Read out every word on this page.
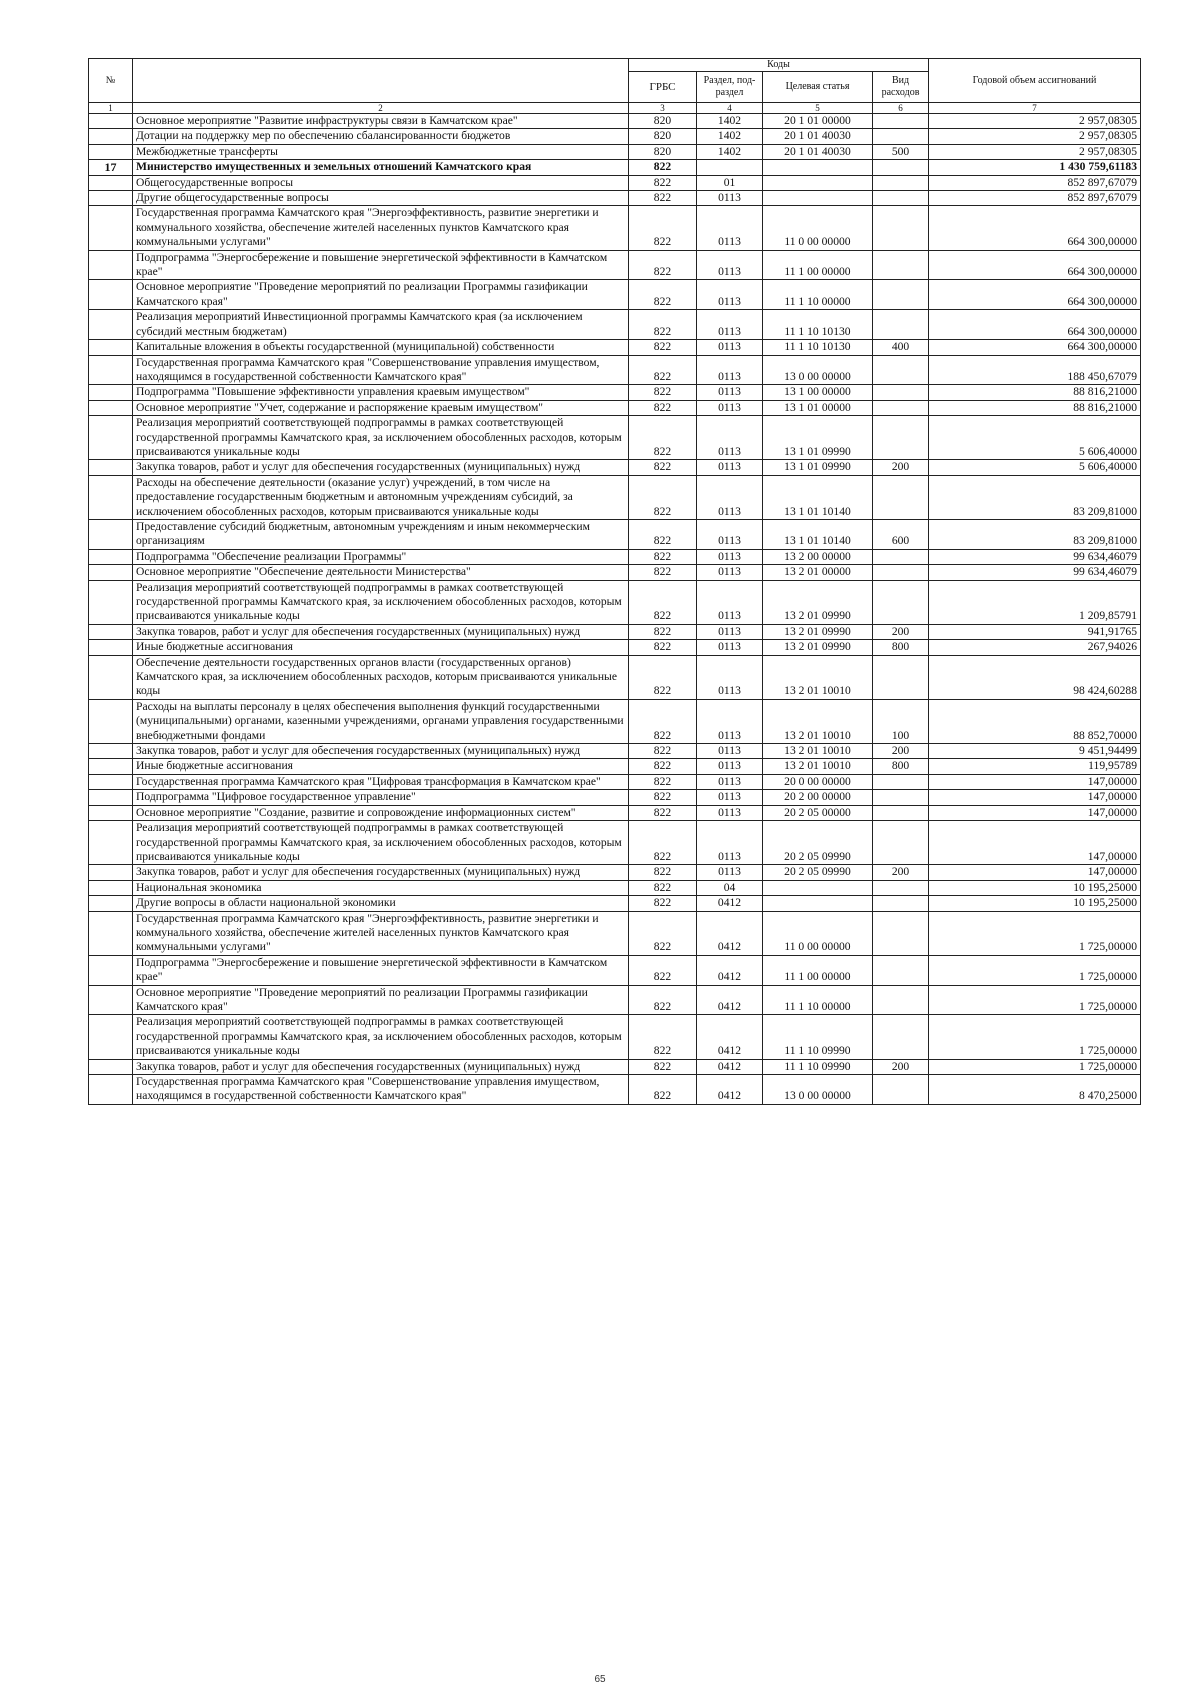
№		Коды				Годовой объем ассигнований
		ГРБС	Раздел, под- раздел	Целевая статья	Вид расходов	
1	2	3	4	5	6	7
	Основное мероприятие "Развитие инфраструктуры связи в Камчатском крае"	820	1402	20 1 01 00000		2 957,08305
	Дотации на поддержку мер по обеспечению сбалансированности бюджетов	820	1402	20 1 01 40030		2 957,08305
	Межбюджетные трансферты	820	1402	20 1 01 40030	500	2 957,08305
17	Министерство имущественных и земельных отношений Камчатского края	822				1 430 759,61183
	Общегосударственные вопросы	822	01			852 897,67079
	Другие общегосударственные вопросы	822	0113			852 897,67079
	Государственная программа Камчатского края "Энергоэффективность, развитие энергетики и коммунального хозяйства, обеспечение жителей населенных пунктов Камчатского края коммунальными услугами"	822	0113	11 0 00 00000		664 300,00000
	Подпрограмма "Энергосбережение и повышение энергетической эффективности в Камчатском крае"	822	0113	11 1 00 00000		664 300,00000
	Основное мероприятие "Проведение мероприятий по реализации Программы газификации Камчатского края"	822	0113	11 1 10 00000		664 300,00000
	Реализация мероприятий Инвестиционной программы Камчатского края (за исключением субсидий местным бюджетам)	822	0113	11 1 10 10130		664 300,00000
	Капитальные вложения в объекты государственной (муниципальной) собственности	822	0113	11 1 10 10130	400	664 300,00000
	Государственная программа Камчатского края "Совершенствование управления имуществом, находящимся в государственной собственности Камчатского края"	822	0113	13 0 00 00000		188 450,67079
	Подпрограмма "Повышение эффективности управления краевым имуществом"	822	0113	13 1 00 00000		88 816,21000
	Основное мероприятие "Учет, содержание и распоряжение краевым имуществом"	822	0113	13 1 01 00000		88 816,21000
	Реализация мероприятий соответствующей подпрограммы в рамках соответствующей государственной программы Камчатского края, за исключением обособленных расходов, которым присваиваются уникальные коды	822	0113	13 1 01 09990		5 606,40000
	Закупка товаров, работ и услуг для обеспечения государственных (муниципальных) нужд	822	0113	13 1 01 09990	200	5 606,40000
	Расходы на обеспечение деятельности (оказание услуг) учреждений, в том числе на предоставление государственным бюджетным и автономным учреждениям субсидий, за исключением обособленных расходов, которым присваиваются уникальные коды	822	0113	13 1 01 10140		83 209,81000
	Предоставление субсидий бюджетным, автономным учреждениям и иным некоммерческим организациям	822	0113	13 1 01 10140	600	83 209,81000
	Подпрограмма "Обеспечение реализации Программы"	822	0113	13 2 00 00000		99 634,46079
	Основное мероприятие "Обеспечение деятельности Министерства"	822	0113	13 2 01 00000		99 634,46079
	Реализация мероприятий соответствующей подпрограммы в рамках соответствующей государственной программы Камчатского края, за исключением обособленных расходов, которым присваиваются уникальные коды	822	0113	13 2 01 09990		1 209,85791
	Закупка товаров, работ и услуг для обеспечения государственных (муниципальных) нужд	822	0113	13 2 01 09990	200	941,91765
	Иные бюджетные ассигнования	822	0113	13 2 01 09990	800	267,94026
	Обеспечение деятельности государственных органов власти (государственных органов) Камчатского края, за исключением обособленных расходов, которым присваиваются уникальные коды	822	0113	13 2 01 10010		98 424,60288
	Расходы на выплаты персоналу в целях обеспечения выполнения функций государственными (муниципальными) органами, казенными учреждениями, органами управления государственными внебюджетными фондами	822	0113	13 2 01 10010	100	88 852,70000
	Закупка товаров, работ и услуг для обеспечения государственных (муниципальных) нужд	822	0113	13 2 01 10010	200	9 451,94499
	Иные бюджетные ассигнования	822	0113	13 2 01 10010	800	119,95789
	Государственная программа Камчатского края "Цифровая трансформация в Камчатском крае"	822	0113	20 0 00 00000		147,00000
	Подпрограмма "Цифровое государственное управление"	822	0113	20 2 00 00000		147,00000
	Основное мероприятие "Создание, развитие и сопровождение информационных систем"	822	0113	20 2 05 00000		147,00000
	Реализация мероприятий соответствующей подпрограммы в рамках соответствующей государственной программы Камчатского края, за исключением обособленных расходов, которым присваиваются уникальные коды	822	0113	20 2 05 09990		147,00000
	Закупка товаров, работ и услуг для обеспечения государственных (муниципальных) нужд	822	0113	20 2 05 09990	200	147,00000
	Национальная экономика	822	04			10 195,25000
	Другие вопросы в области национальной экономики	822	0412			10 195,25000
	Государственная программа Камчатского края "Энергоэффективность, развитие энергетики и коммунального хозяйства, обеспечение жителей населенных пунктов Камчатского края коммунальными услугами"	822	0412	11 0 00 00000		1 725,00000
	Подпрограмма "Энергосбережение и повышение энергетической эффективности в Камчатском крае"	822	0412	11 1 00 00000		1 725,00000
	Основное мероприятие "Проведение мероприятий по реализации Программы газификации Камчатского края"	822	0412	11 1 10 00000		1 725,00000
	Реализация мероприятий соответствующей подпрограммы в рамках соответствующей государственной программы Камчатского края, за исключением обособленных расходов, которым присваиваются уникальные коды	822	0412	11 1 10 09990		1 725,00000
	Закупка товаров, работ и услуг для обеспечения государственных (муниципальных) нужд	822	0412	11 1 10 09990	200	1 725,00000
	Государственная программа Камчатского края "Совершенствование управления имуществом, находящимся в государственной собственности Камчатского края"	822	0412	13 0 00 00000		8 470,25000
65
